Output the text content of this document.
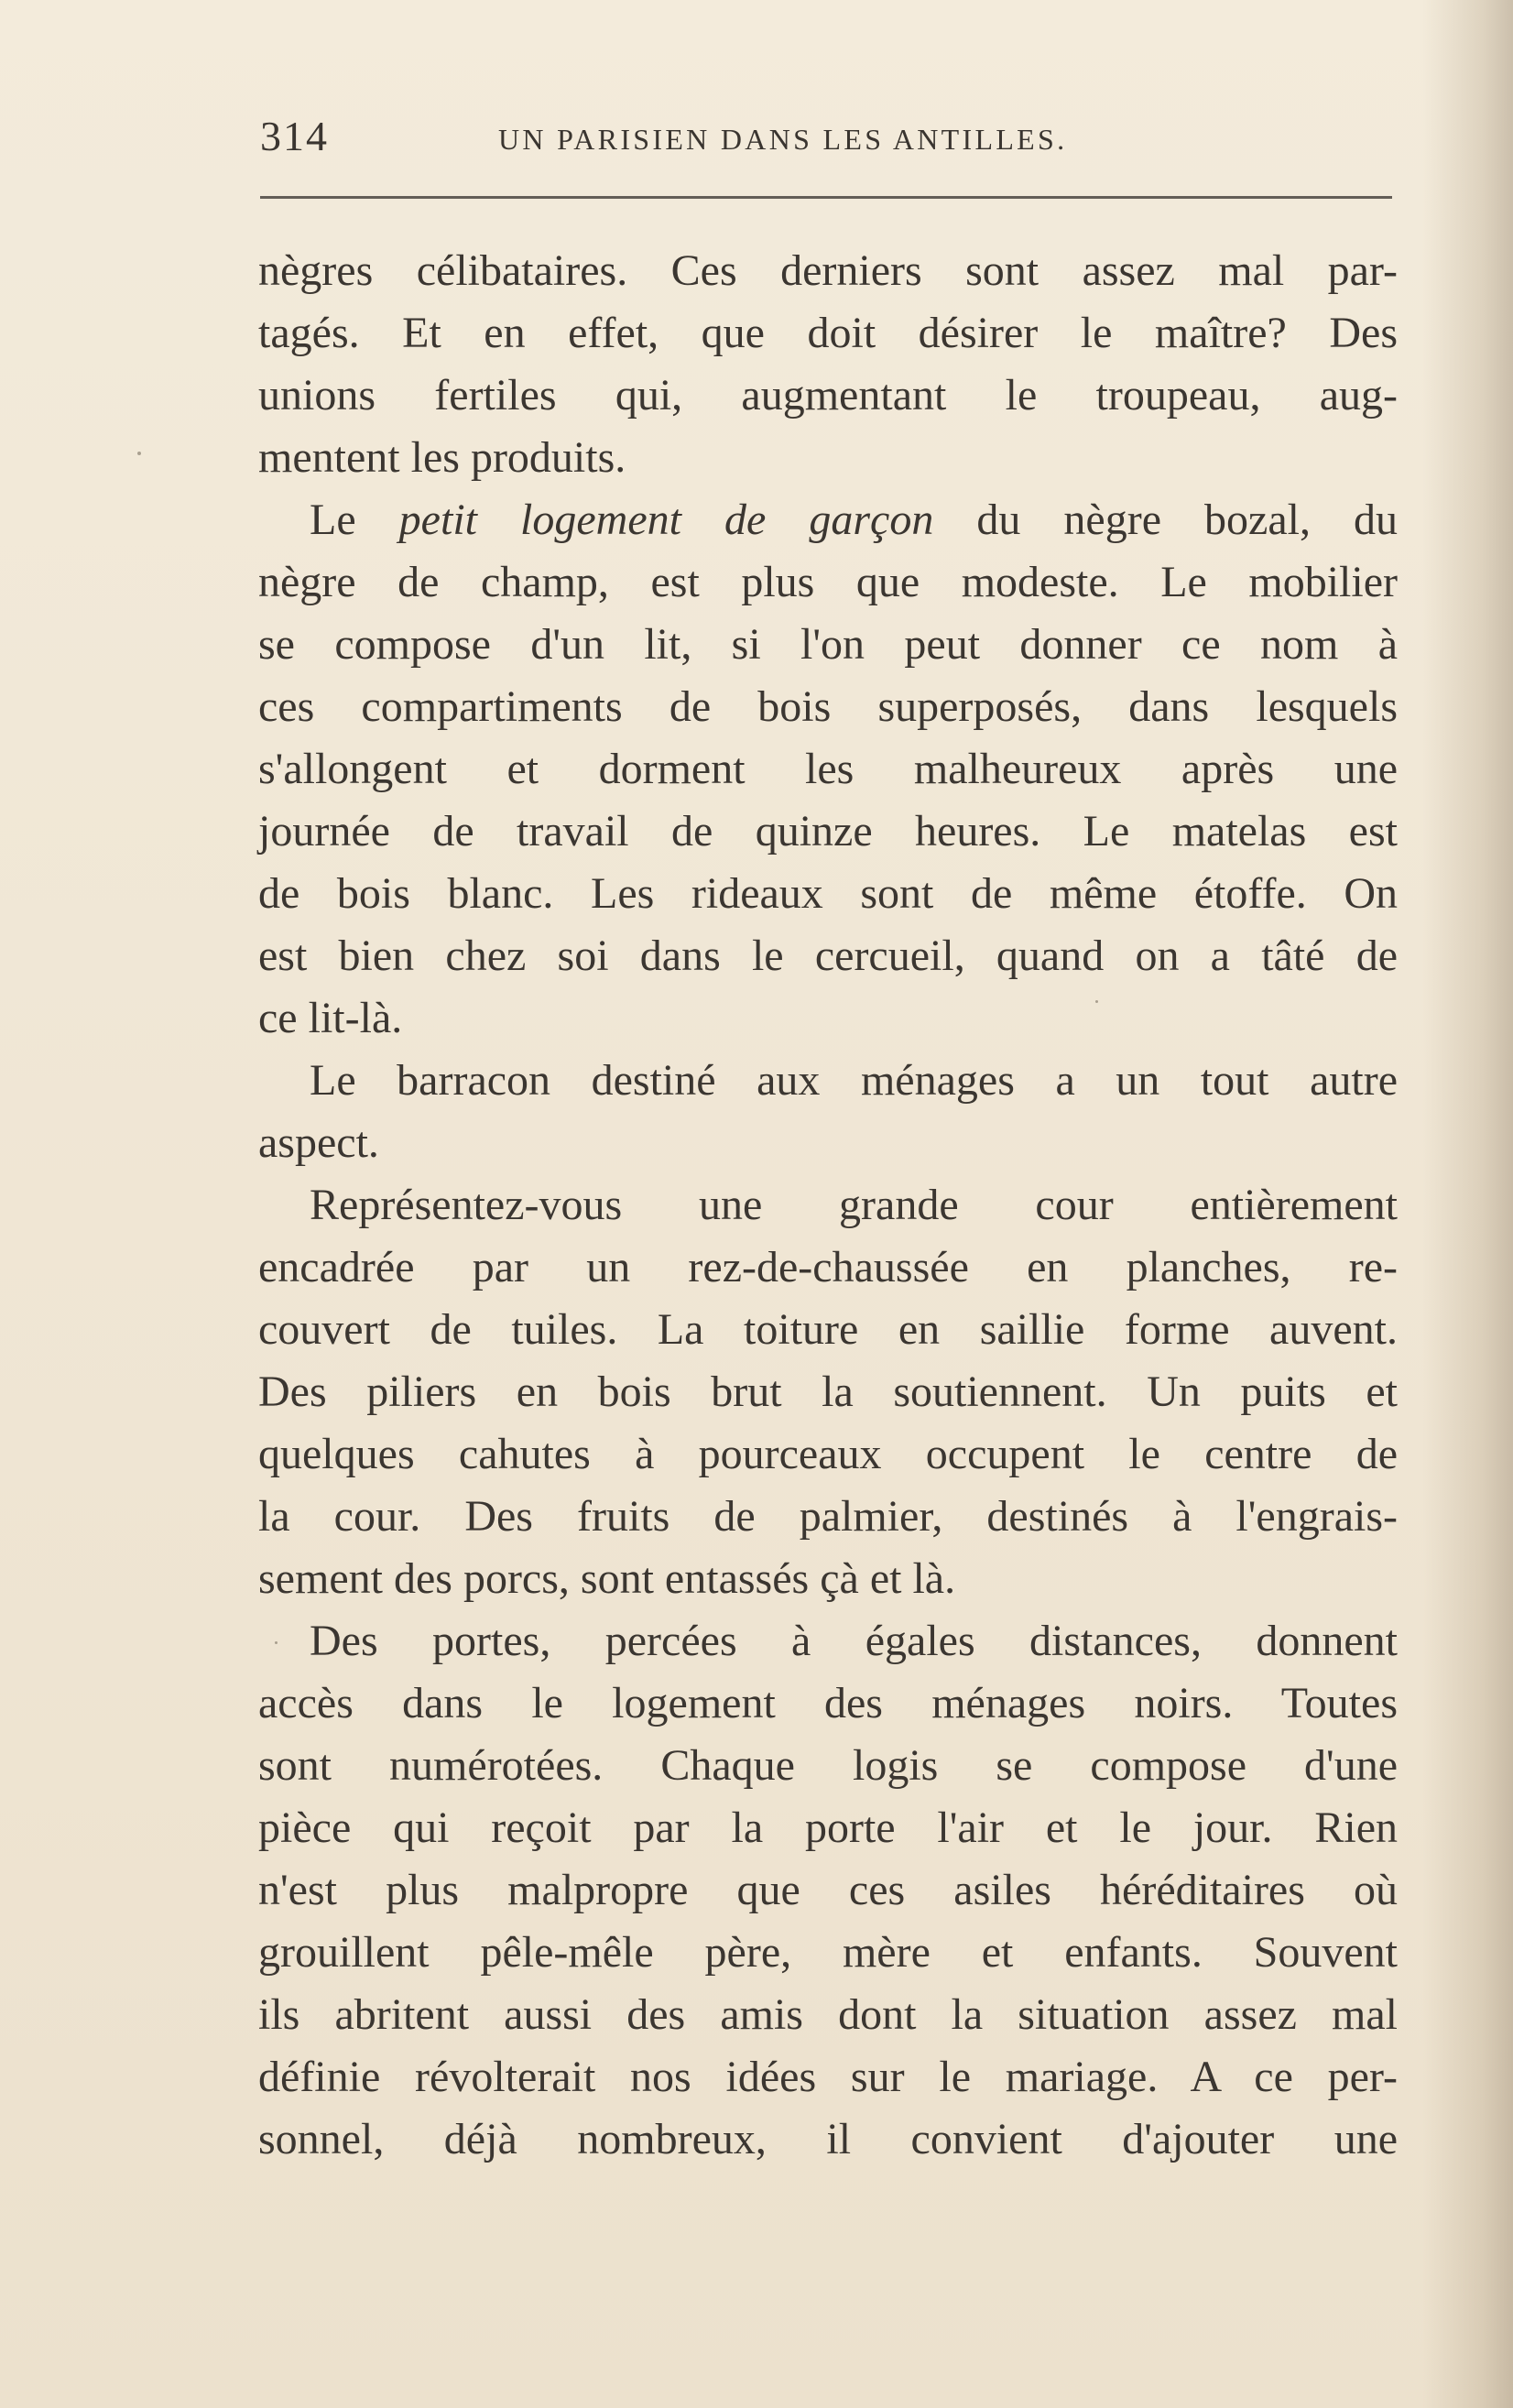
314	UN PARISIEN DANS LES ANTILLES.
nègres célibataires. Ces derniers sont assez mal par-
tagés. Et en effet, que doit désirer le maître? Des
unions fertiles qui, augmentant le troupeau, aug-
mentent les produits.
Le petit logement de garçon du nègre bozal, du
nègre de champ, est plus que modeste. Le mobilier
se compose d'un lit, si l'on peut donner ce nom à
ces compartiments de bois superposés, dans lesquels
s'allongent et dorment les malheureux après une
journée de travail de quinze heures. Le matelas est
de bois blanc. Les rideaux sont de même étoffe. On
est bien chez soi dans le cercueil, quand on a tâté de
ce lit-là.
Le barracon destiné aux ménages a un tout autre
aspect.
Représentez-vous une grande cour entièrement
encadrée par un rez-de-chaussée en planches, re-
couvert de tuiles. La toiture en saillie forme auvent.
Des piliers en bois brut la soutiennent. Un puits et
quelques cahutes à pourceaux occupent le centre de
la cour. Des fruits de palmier, destinés à l'engrais-
sement des porcs, sont entassés çà et là.
Des portes, percées à égales distances, donnent
accès dans le logement des ménages noirs. Toutes
sont numérotées. Chaque logis se compose d'une
pièce qui reçoit par la porte l'air et le jour. Rien
n'est plus malpropre que ces asiles héréditaires où
grouillent pêle-mêle père, mère et enfants. Souvent
ils abritent aussi des amis dont la situation assez mal
définie révolterait nos idées sur le mariage. A ce per-
sonnel, déjà nombreux, il convient d'ajouter une
